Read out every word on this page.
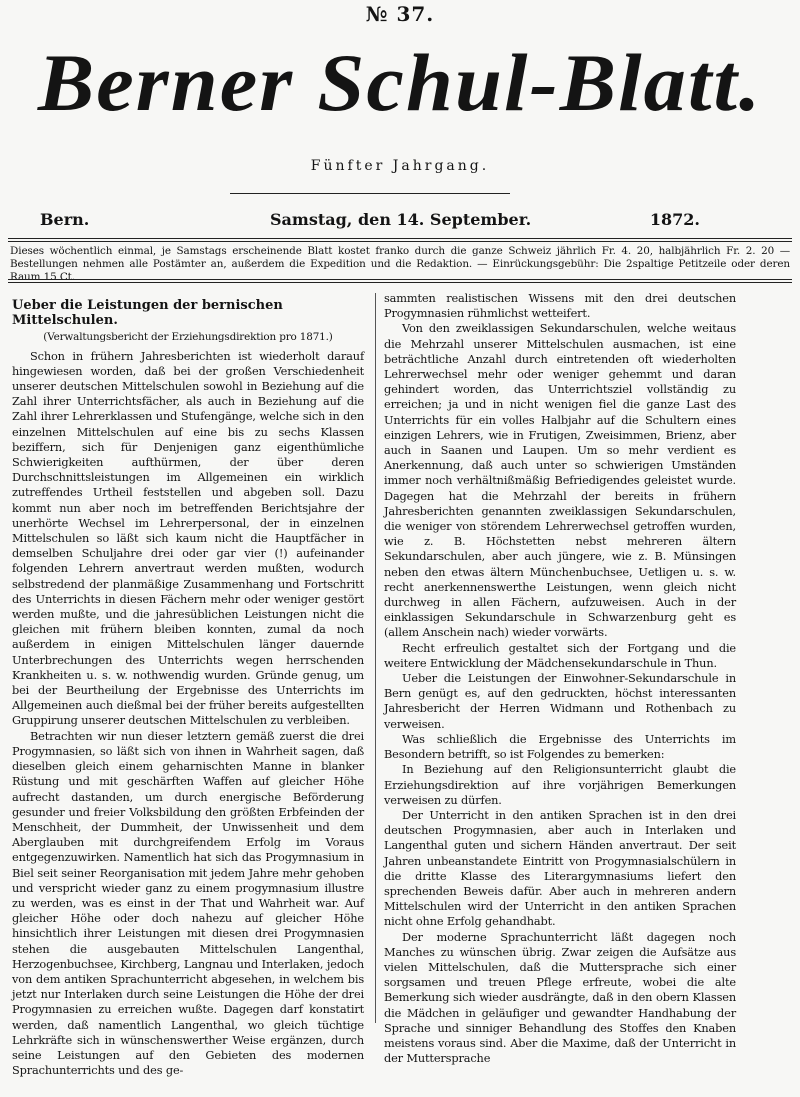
№ 37.
Berner Schul-Blatt.
Fünfter Jahrgang.
Bern.	Samstag, den 14. September.	1872.
Dieses wöchentlich einmal, je Samstags erscheinende Blatt kostet franko durch die ganze Schweiz jährlich Fr. 4. 20, halbjährlich Fr. 2. 20 — Bestellungen nehmen alle Postämter an, außerdem die Expedition und die Redaktion. — Einrückungsgebühr: Die 2spaltige Petitzeile oder deren Raum 15 Ct.

Ueber die Leistungen der bernischen Mittelschulen.

(Verwaltungsbericht der Erziehungsdirektion pro 1871.)

Schon in frühern Jahresberichten ist wiederholt darauf hingewiesen worden, daß bei der großen Verschiedenheit unserer deutschen Mittelschulen sowohl in Beziehung auf die Zahl ihrer Unterrichtsfächer, als auch in Beziehung auf die Zahl ihrer Lehrerklassen und Stufengänge, welche sich in den einzelnen Mittelschulen auf eine bis zu sechs Klassen beziffern, sich für Denjenigen ganz eigenthümliche Schwierigkeiten aufthürmen, der über deren Durchschnittsleistungen im Allgemeinen ein wirklich zutreffendes Urtheil feststellen und abgeben soll. Dazu kommt nun aber noch im betreffenden Berichtsjahre der unerhörte Wechsel im Lehrerpersonal, der in einzelnen Mittelschulen so läßt sich kaum nicht die Hauptfächer in demselben Schuljahre drei oder gar vier (!) aufeinander folgenden Lehrern anvertraut werden mußten, wodurch selbstredend der planmäßige Zusammenhang und Fortschritt des Unterrichts in diesen Fächern mehr oder weniger gestört werden mußte, und die jahresüblichen Leistungen nicht die gleichen mit frühern bleiben konnten, zumal da noch außerdem in einigen Mittelschulen länger dauernde Unterbrechungen des Unterrichts wegen herrschenden Krankheiten u. s. w. nothwendig wurden. Gründe genug, um bei der Beurtheilung der Ergebnisse des Unterrichts im Allgemeinen auch dießmal bei der früher bereits aufgestellten Gruppirung unserer deutschen Mittelschulen zu verbleiben.

Betrachten wir nun dieser letztern gemäß zuerst die drei Progymnasien, so läßt sich von ihnen in Wahrheit sagen, daß dieselben gleich einem geharnischten Manne in blanker Rüstung und mit geschärften Waffen auf gleicher Höhe aufrecht dastanden, um durch energische Beförderung gesunder und freier Volksbildung den größten Erbfeinden der Menschheit, der Dummheit, der Unwissenheit und dem Aberglauben mit durchgreifendem Erfolg im Voraus entgegenzuwirken. Namentlich hat sich das Progymnasium in Biel seit seiner Reorganisation mit jedem Jahre mehr gehoben und verspricht wieder ganz zu einem progymnasium illustre zu werden, was es einst in der That und Wahrheit war. Auf gleicher Höhe oder doch nahezu auf gleicher Höhe hinsichtlich ihrer Leistungen mit diesen drei Progymnasien stehen die ausgebauten Mittelschulen Langenthal, Herzogenbuchsee, Kirchberg, Langnau und Interlaken, jedoch von dem antiken Sprachunterricht abgesehen, in welchem bis jetzt nur Interlaken durch seine Leistungen die Höhe der drei Progymnasien zu erreichen wußte. Dagegen darf konstatirt werden, daß namentlich Langenthal, wo gleich tüchtige Lehrkräfte sich in wünschenswerther Weise ergänzen, durch seine Leistungen auf den Gebieten des modernen Sprachunterrichts und des ge-

sammten realistischen Wissens mit den drei deutschen Progymnasien rühmlichst wetteifert.

Von den zweiklassigen Sekundarschulen, welche weitaus die Mehrzahl unserer Mittelschulen ausmachen, ist eine beträchtliche Anzahl durch eintretenden oft wiederholten Lehrerwechsel mehr oder weniger gehemmt und daran gehindert worden, das Unterrichtsziel vollständig zu erreichen; ja und in nicht wenigen fiel die ganze Last des Unterrichts für ein volles Halbjahr auf die Schultern eines einzigen Lehrers, wie in Frutigen, Zweisimmen, Brienz, aber auch in Saanen und Laupen. Um so mehr verdient es Anerkennung, daß auch unter so schwierigen Umständen immer noch verhältnißmäßig Befriedigendes geleistet wurde. Dagegen hat die Mehrzahl der bereits in frühern Jahresberichten genannten zweiklassigen Sekundarschulen, die weniger von störendem Lehrerwechsel getroffen wurden, wie z. B. Höchstetten nebst mehreren ältern Sekundarschulen, aber auch jüngere, wie z. B. Münsingen neben den etwas ältern Münchenbuchsee, Uetligen u. s. w. recht anerkennenswerthe Leistungen, wenn gleich nicht durchweg in allen Fächern, aufzuweisen. Auch in der einklassigen Sekundarschule in Schwarzenburg geht es (allem Anschein nach) wieder vorwärts.

Recht erfreulich gestaltet sich der Fortgang und die weitere Entwicklung der Mädchensekundarschule in Thun.

Ueber die Leistungen der Einwohner-Sekundarschule in Bern genügt es, auf den gedruckten, höchst interessanten Jahresbericht der Herren Widmann und Rothenbach zu verweisen.

Was schließlich die Ergebnisse des Unterrichts im Besondern betrifft, so ist Folgendes zu bemerken:

In Beziehung auf den Religionsunterricht glaubt die Erziehungsdirektion auf ihre vorjährigen Bemerkungen verweisen zu dürfen.

Der Unterricht in den antiken Sprachen ist in den drei deutschen Progymnasien, aber auch in Interlaken und Langenthal guten und sichern Händen anvertraut. Der seit Jahren unbeanstandete Eintritt von Progymnasialschülern in die dritte Klasse des Literargymnasiums liefert den sprechenden Beweis dafür. Aber auch in mehreren andern Mittelschulen wird der Unterricht in den antiken Sprachen nicht ohne Erfolg gehandhabt.

Der moderne Sprachunterricht läßt dagegen noch Manches zu wünschen übrig. Zwar zeigen die Aufsätze aus vielen Mittelschulen, daß die Muttersprache sich einer sorgsamen und treuen Pflege erfreute, wobei die alte Bemerkung sich wieder ausdrängte, daß in den obern Klassen die Mädchen in geläufiger und gewandter Handhabung der Sprache und sinniger Behandlung des Stoffes den Knaben meistens voraus sind. Aber die Maxime, daß der Unterricht in der Muttersprache
